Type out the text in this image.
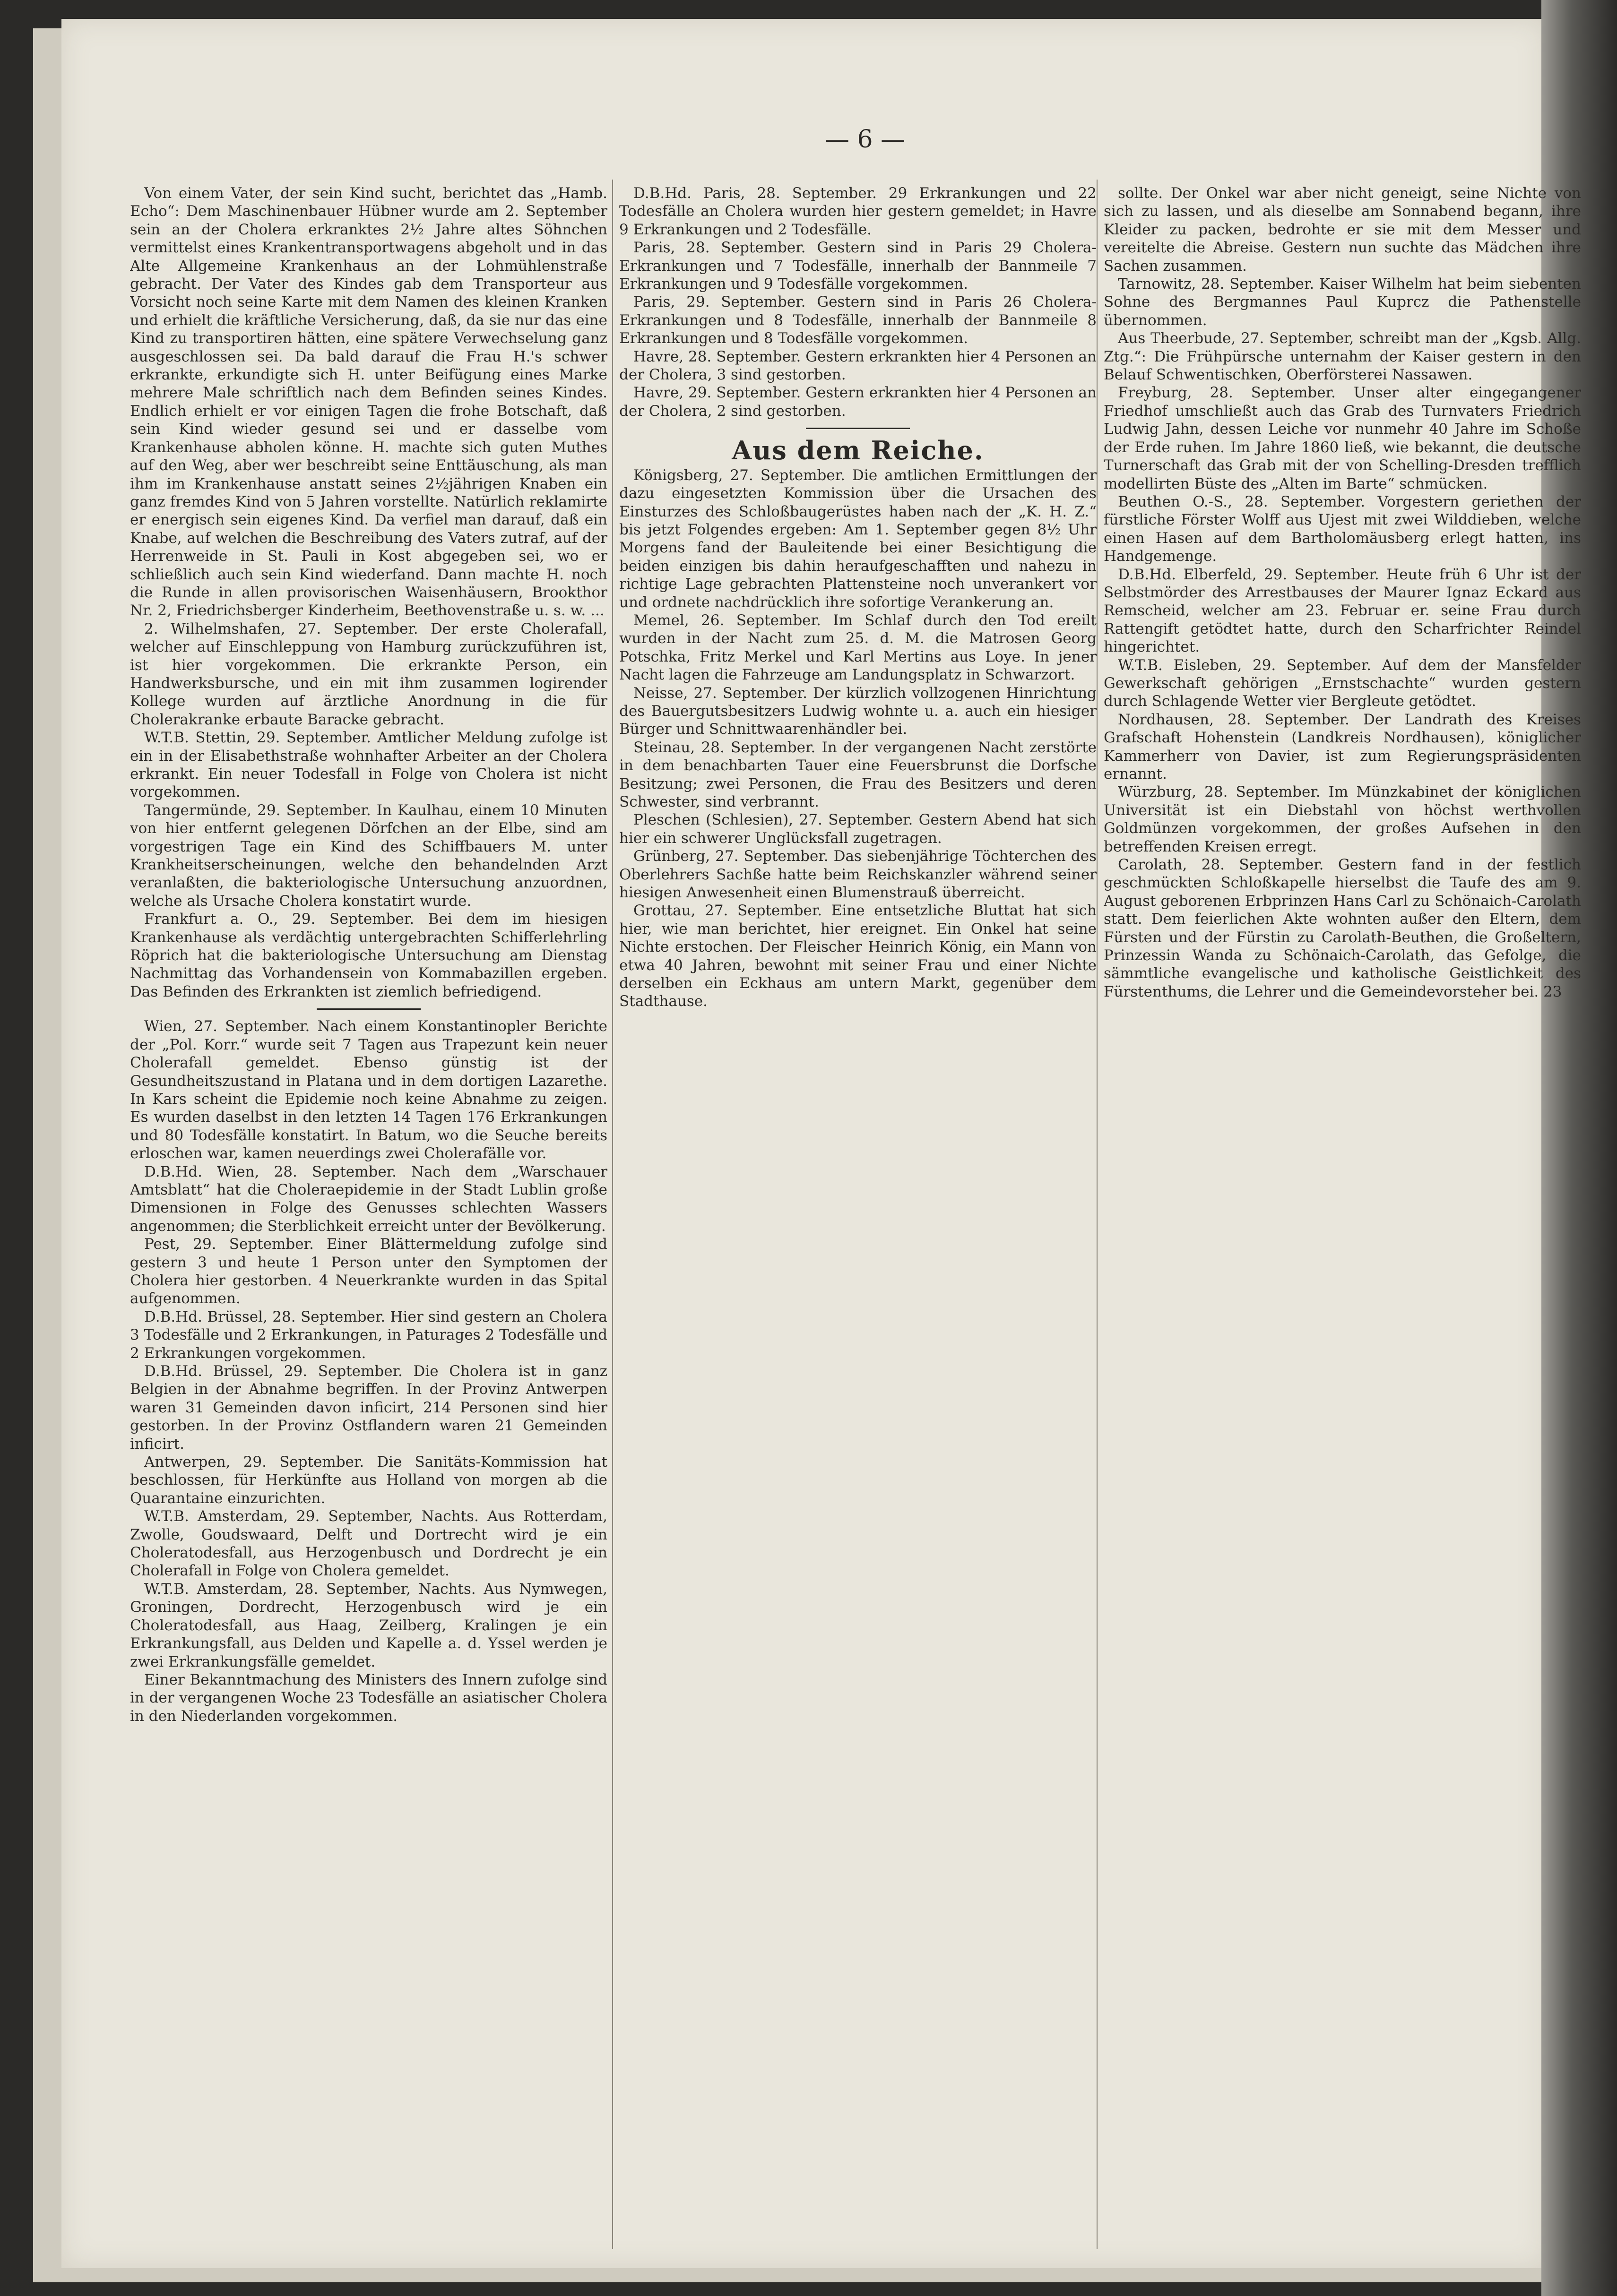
— 6 —

Von einem Vater, der sein Kind sucht, berichtet das „Hamb. Echo“: Dem Maschinenbauer Hübner wurde am 2. September sein an der Cholera erkranktes 2½ Jahre altes Söhnchen vermittelst eines Krankentransportwagens abgeholt und in das Alte Allgemeine Krankenhaus an der Lohmühlenstraße gebracht. Der Vater des Kindes gab dem Transporteur aus Vorsicht noch seine Karte mit dem Namen des kleinen Kranken und erhielt die kräftliche Versicherung, daß, da sie nur das eine Kind zu transportiren hätten, eine spätere Verwechselung ganz ausgeschlossen sei. Da bald darauf die Frau H.'s schwer erkrankte, erkundigte sich H. unter Beifügung eines Marke mehrere Male schriftlich nach dem Befinden seines Kindes. Endlich erhielt er vor einigen Tagen die frohe Botschaft, daß sein Kind wieder gesund sei und er dasselbe vom Krankenhause abholen könne. H. machte sich guten Muthes auf den Weg, aber wer beschreibt seine Enttäuschung, als man ihm im Krankenhause anstatt seines 2½jährigen Knaben ein ganz fremdes Kind von 5 Jahren vorstellte. Natürlich reklamirte er energisch sein eigenes Kind. Da verfiel man darauf, daß ein Knabe, auf welchen die Beschreibung des Vaters zutraf, auf der Herrenweide in St. Pauli in Kost abgegeben sei, wo er schließlich auch sein Kind wiederfand. Dann machte H. noch die Runde in allen provisorischen Waisenhäusern, Brookthor Nr. 2, Friedrichsberger Kinderheim, Beethovenstraße u. s. w. ...

2. Wilhelmshafen, 27. September. Der erste Cholerafall, welcher auf Einschleppung von Hamburg zurückzuführen ist, ist hier vorgekommen. Die erkrankte Person, ein Handwerksbursche, und ein mit ihm zusammen logirender Kollege wurden auf ärztliche Anordnung in die für Cholerakranke erbaute Baracke gebracht.

W.T.B. Stettin, 29. September. Amtlicher Meldung zufolge ist ein in der Elisabethstraße wohnhafter Arbeiter an der Cholera erkrankt. Ein neuer Todesfall in Folge von Cholera ist nicht vorgekommen.

Tangermünde, 29. September. In Kaulhau, einem 10 Minuten von hier entfernt gelegenen Dörfchen an der Elbe, sind am vorgestrigen Tage ein Kind des Schiffbauers M. unter Krankheitserscheinungen, welche den behandelnden Arzt veranlaßten, die bakteriologische Untersuchung anzuordnen, welche als Ursache Cholera konstatirt wurde.

Frankfurt a. O., 29. September. Bei dem im hiesigen Krankenhause als verdächtig untergebrachten Schifferlehrling Röprich hat die bakteriologische Untersuchung am Dienstag Nachmittag das Vorhandensein von Kommabazillen ergeben. Das Befinden des Erkrankten ist ziemlich befriedigend.

Wien, 27. September. Nach einem Konstantinopler Berichte der „Pol. Korr.“ wurde seit 7 Tagen aus Trapezunt kein neuer Cholerafall gemeldet. Ebenso günstig ist der Gesundheitszustand in Platana und in dem dortigen Lazarethe. In Kars scheint die Epidemie noch keine Abnahme zu zeigen. Es wurden daselbst in den letzten 14 Tagen 176 Erkrankungen und 80 Todesfälle konstatirt. In Batum, wo die Seuche bereits erloschen war, kamen neuerdings zwei Cholerafälle vor.

D.B.Hd. Wien, 28. September. Nach dem „Warschauer Amtsblatt“ hat die Choleraepidemie in der Stadt Lublin große Dimensionen in Folge des Genusses schlechten Wassers angenommen; die Sterblichkeit erreicht unter der Bevölkerung.

Pest, 29. September. Einer Blättermeldung zufolge sind gestern 3 und heute 1 Person unter den Symptomen der Cholera hier gestorben. 4 Neuerkrankte wurden in das Spital aufgenommen.

D.B.Hd. Brüssel, 28. September. Hier sind gestern an Cholera 3 Todesfälle und 2 Erkrankungen, in Paturages 2 Todesfälle und 2 Erkrankungen vorgekommen.

D.B.Hd. Brüssel, 29. September. Die Cholera ist in ganz Belgien in der Abnahme begriffen. In der Provinz Antwerpen waren 31 Gemeinden davon inficirt, 214 Personen sind hier gestorben. In der Provinz Ostflandern waren 21 Gemeinden inficirt.

Antwerpen, 29. September. Die Sanitäts-Kommission hat beschlossen, für Herkünfte aus Holland von morgen ab die Quarantaine einzurichten.

W.T.B. Amsterdam, 29. September, Nachts. Aus Rotterdam, Zwolle, Goudswaard, Delft und Dortrecht wird je ein Choleratodesfall, aus Herzogenbusch und Dordrecht je ein Cholerafall in Folge von Cholera gemeldet.

W.T.B. Amsterdam, 28. September, Nachts. Aus Nymwegen, Groningen, Dordrecht, Herzogenbusch wird je ein Choleratodesfall, aus Haag, Zeilberg, Kralingen je ein Erkrankungsfall, aus Delden und Kapelle a. d. Yssel werden je zwei Erkrankungsfälle gemeldet.

Einer Bekanntmachung des Ministers des Innern zufolge sind in der vergangenen Woche 23 Todesfälle an asiatischer Cholera in den Niederlanden vorgekommen.

D.B.Hd. Paris, 28. September. 29 Erkrankungen und 22 Todesfälle an Cholera wurden hier gestern gemeldet; in Havre 9 Erkrankungen und 2 Todesfälle.

Paris, 28. September. Gestern sind in Paris 29 Cholera-Erkrankungen und 7 Todesfälle, innerhalb der Bannmeile 7 Erkrankungen und 9 Todesfälle vorgekommen.

Paris, 29. September. Gestern sind in Paris 26 Cholera-Erkrankungen und 8 Todesfälle, innerhalb der Bannmeile 8 Erkrankungen und 8 Todesfälle vorgekommen.

Havre, 28. September. Gestern erkrankten hier 4 Personen an der Cholera, 3 sind gestorben.

Havre, 29. September. Gestern erkrankten hier 4 Personen an der Cholera, 2 sind gestorben.

Aus dem Reiche.

Königsberg, 27. September. Die amtlichen Ermittlungen der dazu eingesetzten Kommission über die Ursachen des Einsturzes des Schloßbaugerüstes haben nach der „K. H. Z.“ bis jetzt Folgendes ergeben: Am 1. September gegen 8½ Uhr Morgens fand der Bauleitende bei einer Besichtigung die beiden einzigen bis dahin heraufgeschafften und nahezu in richtige Lage gebrachten Plattensteine noch unverankert vor und ordnete nachdrücklich ihre sofortige Verankerung an.

Memel, 26. September. Im Schlaf durch den Tod ereilt wurden in der Nacht zum 25. d. M. die Matrosen Georg Potschka, Fritz Merkel und Karl Mertins aus Loye. In jener Nacht lagen die Fahrzeuge am Landungsplatz in Schwarzort.

Neisse, 27. September. Der kürzlich vollzogenen Hinrichtung des Bauergutsbesitzers Ludwig wohnte u. a. auch ein hiesiger Bürger und Schnittwaarenhändler bei.

Steinau, 28. September. In der vergangenen Nacht zerstörte in dem benachbarten Tauer eine Feuersbrunst die Dorfsche Besitzung; zwei Personen, die Frau des Besitzers und deren Schwester, sind verbrannt.

Pleschen (Schlesien), 27. September. Gestern Abend hat sich hier ein schwerer Unglücksfall zugetragen.

Grünberg, 27. September. Das siebenjährige Töchterchen des Oberlehrers Sachße hatte beim Reichskanzler während seiner hiesigen Anwesenheit einen Blumenstrauß überreicht.

Grottau, 27. September. Eine entsetzliche Bluttat hat sich hier, wie man berichtet, hier ereignet. Ein Onkel hat seine Nichte erstochen. Der Fleischer Heinrich König, ein Mann von etwa 40 Jahren, bewohnt mit seiner Frau und einer Nichte derselben ein Eckhaus am untern Markt, gegenüber dem Stadthause.

sollte. Der Onkel war aber nicht geneigt, seine Nichte von sich zu lassen, und als dieselbe am Sonnabend begann, ihre Kleider zu packen, bedrohte er sie mit dem Messer und vereitelte die Abreise. Gestern nun suchte das Mädchen ihre Sachen zusammen.

Tarnowitz, 28. September. Kaiser Wilhelm hat beim siebenten Sohne des Bergmannes Paul Kuprcz die Pathenstelle übernommen.

Aus Theerbude, 27. September, schreibt man der „Kgsb. Allg. Ztg.“: Die Frühpürsche unternahm der Kaiser gestern in den Belauf Schwentischken, Oberförsterei Nassawen.

Freyburg, 28. September. Unser alter eingegangener Friedhof umschließt auch das Grab des Turnvaters Friedrich Ludwig Jahn, dessen Leiche vor nunmehr 40 Jahre im Schoße der Erde ruhen. Im Jahre 1860 ließ, wie bekannt, die deutsche Turnerschaft das Grab mit der von Schelling-Dresden trefflich modellirten Büste des „Alten im Barte“ schmücken.

Beuthen O.-S., 28. September. Vorgestern geriethen der fürstliche Förster Wolff aus Ujest mit zwei Wilddieben, welche einen Hasen auf dem Bartholomäusberg erlegt hatten, ins Handgemenge.

D.B.Hd. Elberfeld, 29. September. Heute früh 6 Uhr ist der Selbstmörder des Arrestbauses der Maurer Ignaz Eckard aus Remscheid, welcher am 23. Februar er. seine Frau durch Rattengift getödtet hatte, durch den Scharfrichter Reindel hingerichtet.

W.T.B. Eisleben, 29. September. Auf dem der Mansfelder Gewerkschaft gehörigen „Ernstschachte“ wurden gestern durch Schlagende Wetter vier Bergleute getödtet.

Nordhausen, 28. September. Der Landrath des Kreises Grafschaft Hohenstein (Landkreis Nordhausen), königlicher Kammerherr von Davier, ist zum Regierungspräsidenten ernannt.

Würzburg, 28. September. Im Münzkabinet der königlichen Universität ist ein Diebstahl von höchst werthvollen Goldmünzen vorgekommen, der großes Aufsehen in den betreffenden Kreisen erregt.

Carolath, 28. September. Gestern fand in der festlich geschmückten Schloßkapelle hierselbst die Taufe des am 9. August geborenen Erbprinzen Hans Carl zu Schönaich-Carolath statt. Dem feierlichen Akte wohnten außer den Eltern, dem Fürsten und der Fürstin zu Carolath-Beuthen, die Großeltern, Prinzessin Wanda zu Schönaich-Carolath, das Gefolge, die sämmtliche evangelische und katholische Geistlichkeit des Fürstenthums, die Lehrer und die Gemeindevorsteher bei. 23
